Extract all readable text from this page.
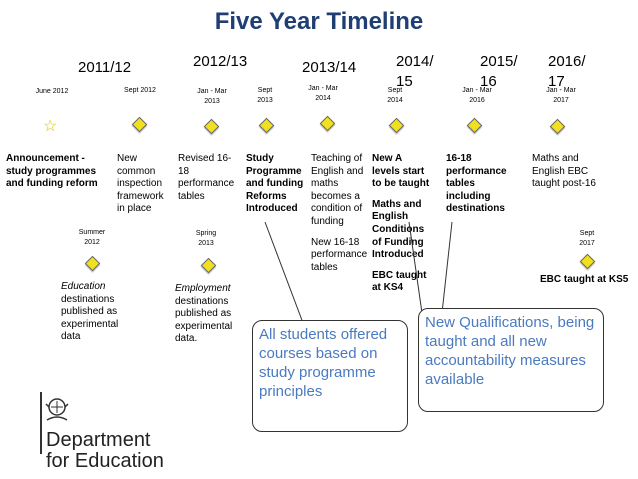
Five Year Timeline
2011/12	2012/13	2013/14	2014/15
2015/16
2016/17
June 2012	Sept 2012	Jan - Mar 2013
Sept 2013
Jan - Mar 2014
Sept 2014
Jan - Mar 2016
Jan - Mar 2017
☆
Announcement - study programmes and funding reform
New common inspection framework in place
Revised 16-18 performance tables
Study Programme and funding Reforms Introduced
Teaching of English and maths becomes a condition of funding
New 16-18 performance tables
New A levels start to be taught
Maths and English Conditions of Funding Introduced
EBC taught at KS4
16-18 performance tables including destinations
Maths and English EBC taught post-16
Summer 2012
Spring 2013
Sept 2017
Education
destinations published as experimental data
Employment
destinations published as experimental data.
EBC taught at KS5
All students offered courses based on study programme principles
New Qualifications, being taught and all new accountability measures available
Department
for Education
